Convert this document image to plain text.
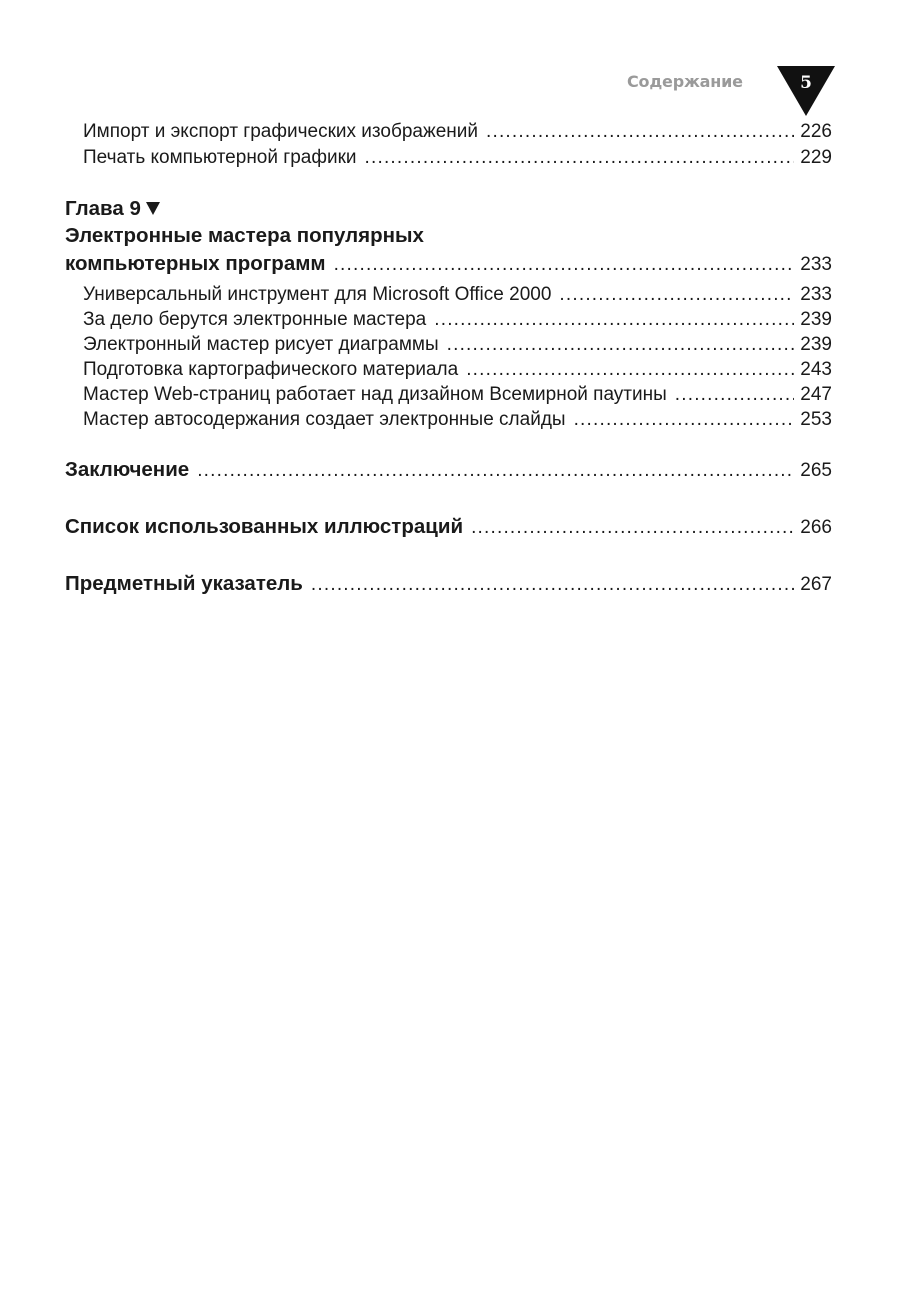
Содержание	5
Импорт и экспорт графических изображений .....	226
Печать компьютерной графики .....	229
Глава 9
Электронные мастера популярных
компьютерных программ .....	233
Универсальный инструмент для Microsoft Office 2000 .....	233
За дело берутся электронные мастера .....	239
Электронный мастер рисует диаграммы .....	239
Подготовка картографического материала .....	243
Мастер Web-страниц работает над дизайном Всемирной паутины .....	247
Мастер автосодержания создает электронные слайды .....	253
Заключение .....	265
Список использованных иллюстраций .....	266
Предметный указатель .....	267
